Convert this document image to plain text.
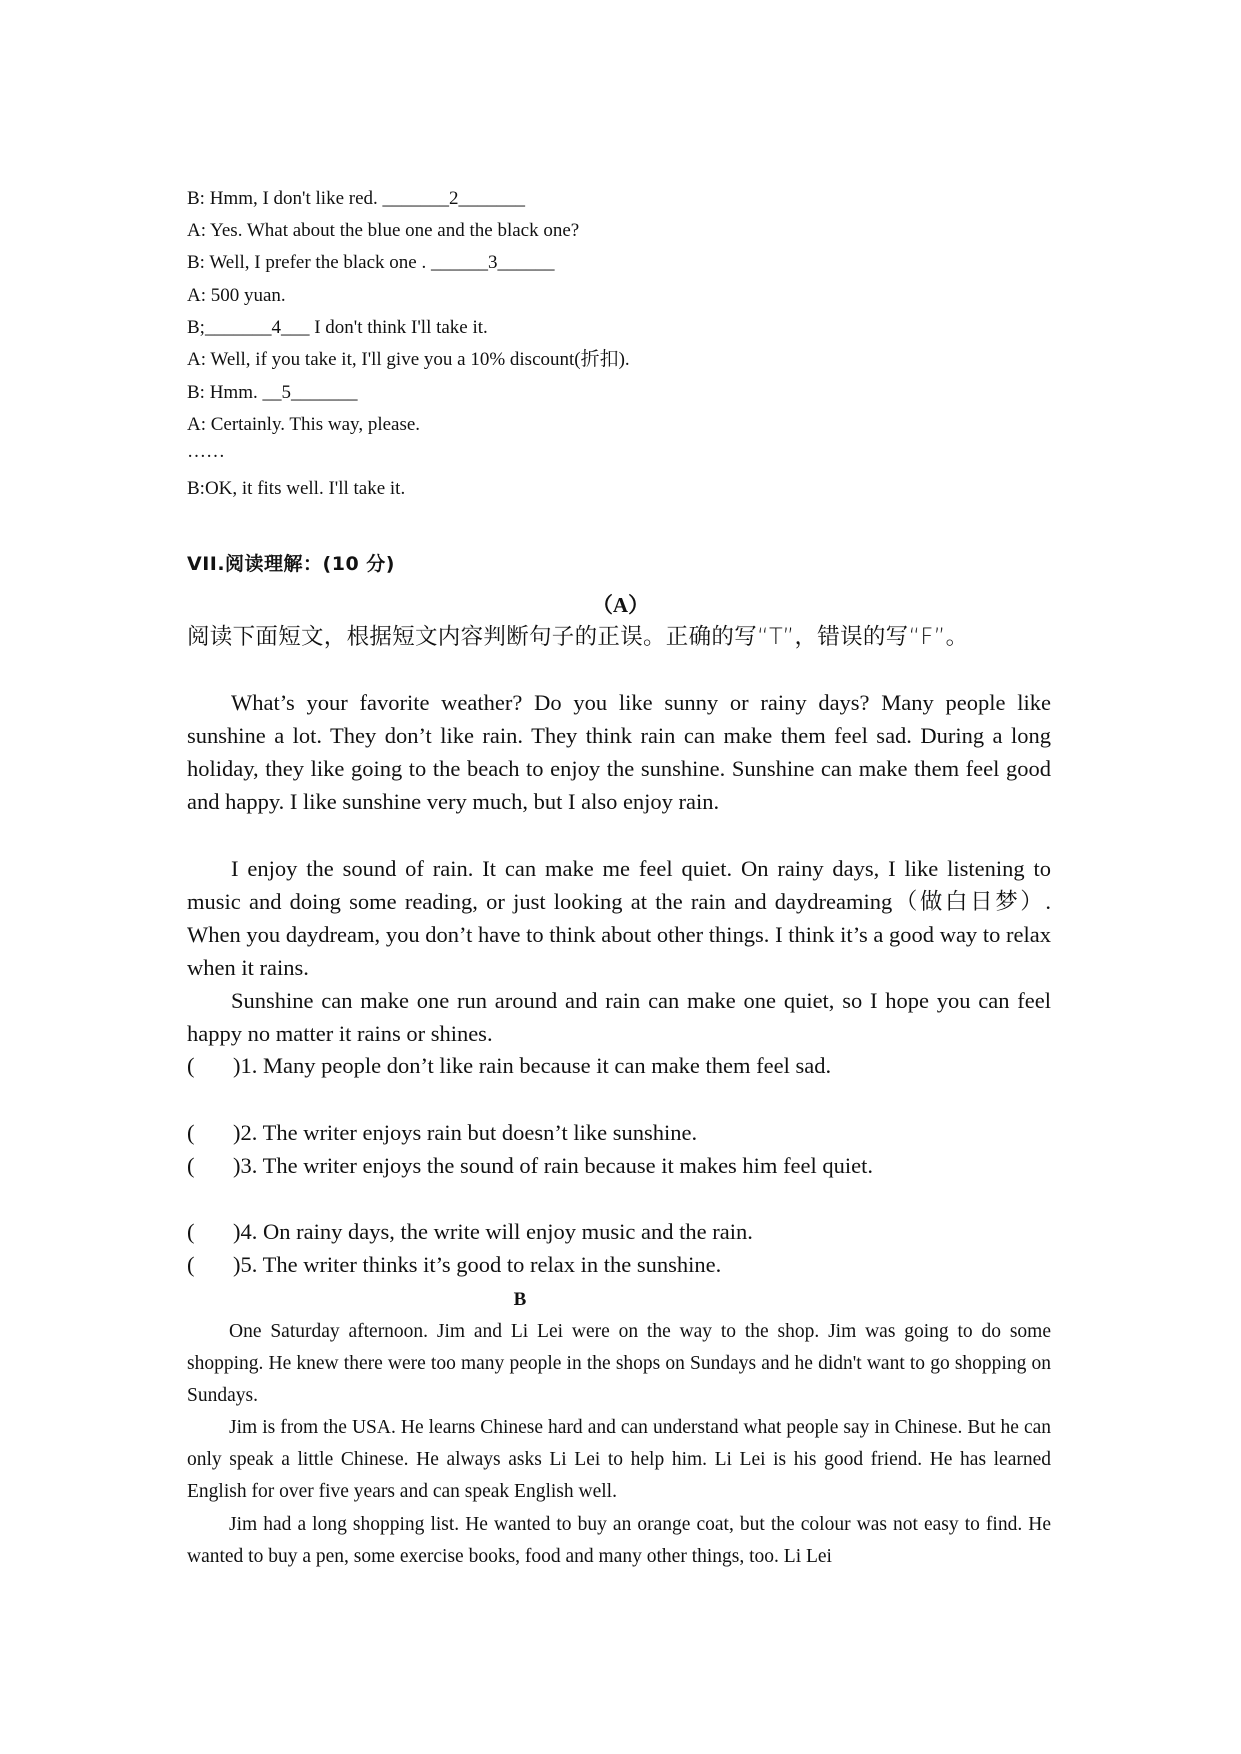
B: Hmm, I don't like red. _______2_______
A: Yes. What about the blue one and the black one?
B: Well, I prefer the black one . ______3______
A: 500 yuan.
B;_______4___ I don't think I'll take it.
A: Well, if you take it, I'll give you a 10% discount(折扣).
B: Hmm. __5_______
A: Certainly. This way, please.
……
B:OK, it fits well. I'll take it.
VII.阅读理解：(10 分)
（A）
阅读下面短文，根据短文内容判断句子的正误。正确的写“T”，错误的写“F”。
What’s your favorite weather? Do you like sunny or rainy days? Many people like sunshine a lot. They don’t like rain. They think rain can make them feel sad. During a long holiday, they like going to the beach to enjoy the sunshine. Sunshine can make them feel good and happy. I like sunshine very much, but I also enjoy rain.
I enjoy the sound of rain. It can make me feel quiet. On rainy days, I like listening to music and doing some reading, or just looking at the rain and daydreaming（做白日梦）. When you daydream, you don’t have to think about other things. I think it’s a good way to relax when it rains.
Sunshine can make one run around and rain can make one quiet, so I hope you can feel happy no matter it rains or shines.
( )1. Many people don’t like rain because it can make them feel sad.
( )2. The writer enjoys rain but doesn’t like sunshine.
( )3. The writer enjoys the sound of rain because it makes him feel quiet.
( )4. On rainy days, the write will enjoy music and the rain.
( )5. The writer thinks it’s good to relax in the sunshine.
B
One Saturday afternoon. Jim and Li Lei were on the way to the shop. Jim was going to do some shopping. He knew there were too many people in the shops on Sundays and he didn't want to go shopping on Sundays.
Jim is from the USA. He learns Chinese hard and can understand what people say in Chinese. But he can only speak a little Chinese. He always asks Li Lei to help him. Li Lei is his good friend. He has learned English for over five years and can speak English well.
Jim had a long shopping list. He wanted to buy an orange coat, but the colour was not easy to find. He wanted to buy a pen, some exercise books, food and many other things, too. Li Lei
